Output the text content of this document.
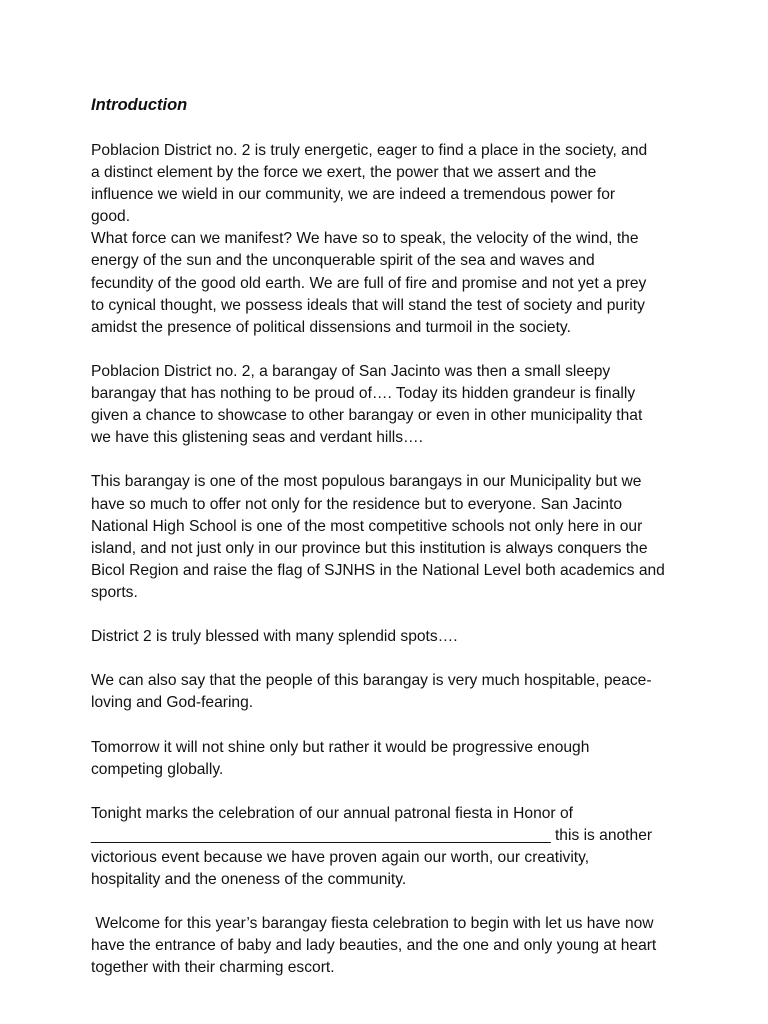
Introduction
Poblacion District no. 2 is truly energetic, eager to find a place in the society, and
a distinct element by the force we exert, the power that we assert and the
influence we wield in our community, we are indeed a tremendous power for
good.
What force can we manifest? We have so to speak, the velocity of the wind, the
energy of the sun and the unconquerable spirit of the sea and waves and
fecundity of the good old earth. We are full of fire and promise and not yet a prey
to cynical thought, we possess ideals that will stand the test of society and purity
amidst the presence of political dissensions and turmoil in the society.
Poblacion District no. 2, a barangay of San Jacinto was then a small sleepy
barangay that has nothing to be proud of…. Today its hidden grandeur is finally
given a chance to showcase to other barangay or even in other municipality that
we have this glistening seas and verdant hills….
This barangay is one of the most populous barangays in our Municipality but we
have so much to offer not only for the residence but to everyone. San Jacinto
National High School is one of the most competitive schools not only here in our
island, and not just only in our province but this institution is always conquers the
Bicol Region and raise the flag of SJNHS in the National Level both academics and
sports.
District 2 is truly blessed with many splendid spots….
We can also say that the people of this barangay is very much hospitable, peace-
loving and God-fearing.
Tomorrow it will not shine only but rather it would be progressive enough
competing globally.
Tonight marks the celebration of our annual patronal fiesta in Honor of
_____________________________________________________ this is another
victorious event because we have proven again our worth, our creativity,
hospitality and the oneness of the community.
Welcome for this year’s barangay fiesta celebration to begin with let us have now
have the entrance of baby and lady beauties, and the one and only young at heart
together with their charming escort.
